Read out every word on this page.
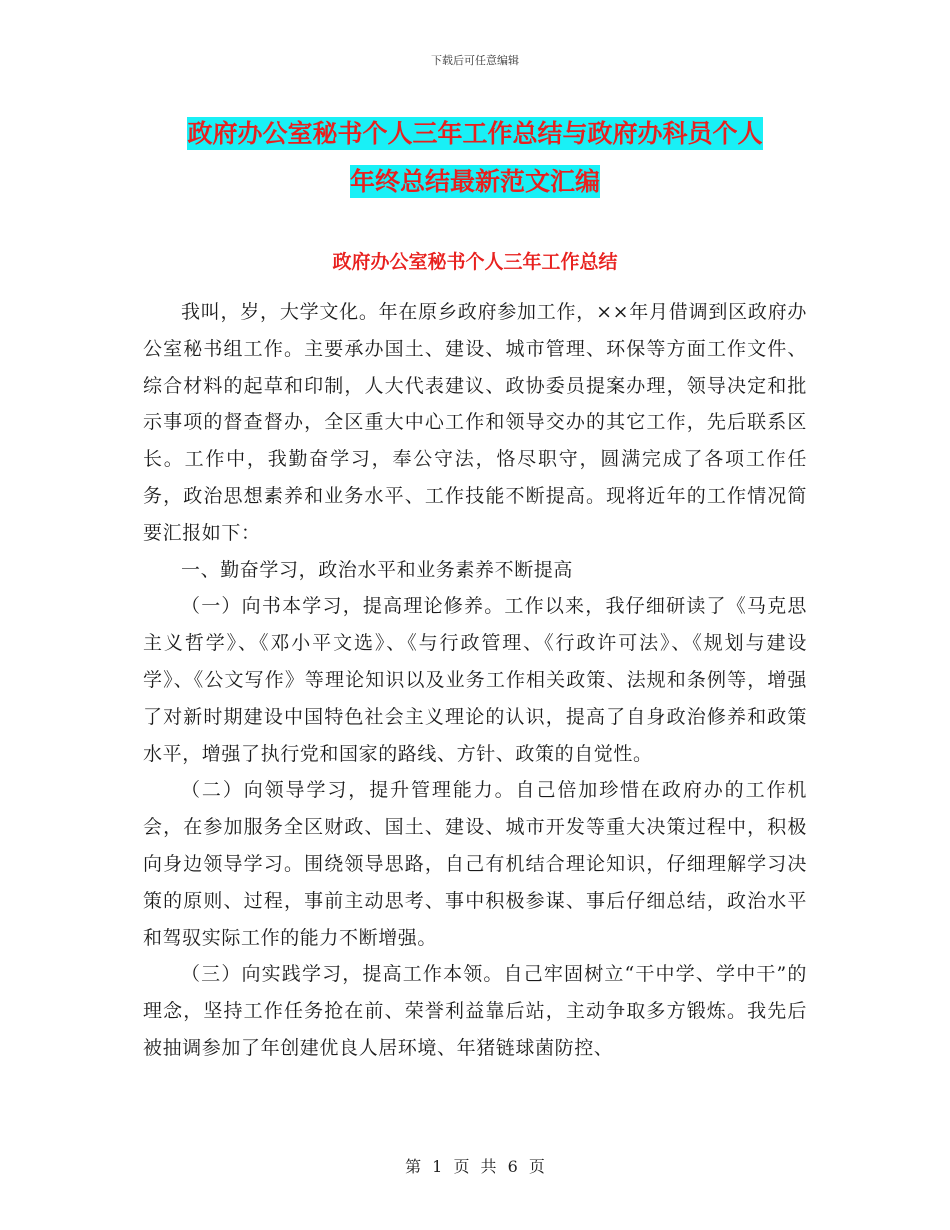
下载后可任意编辑
政府办公室秘书个人三年工作总结与政府办科员个人
年终总结最新范文汇编
政府办公室秘书个人三年工作总结

我叫，岁，大学文化。年在原乡政府参加工作，××年月借调到区政府办公室秘书组工作。主要承办国土、建设、城市管理、环保等方面工作文件、综合材料的起草和印制，人大代表建议、政协委员提案办理，领导决定和批示事项的督查督办，全区重大中心工作和领导交办的其它工作，先后联系区长。工作中，我勤奋学习，奉公守法，恪尽职守，圆满完成了各项工作任务，政治思想素养和业务水平、工作技能不断提高。现将近年的工作情况简要汇报如下：

一、勤奋学习，政治水平和业务素养不断提高

（一）向书本学习，提高理论修养。工作以来，我仔细研读了《马克思主义哲学》、《邓小平文选》、《与行政管理、《行政许可法》、《规划与建设学》、《公文写作》等理论知识以及业务工作相关政策、法规和条例等，增强了对新时期建设中国特色社会主义理论的认识，提高了自身政治修养和政策水平，增强了执行党和国家的路线、方针、政策的自觉性。

（二）向领导学习，提升管理能力。自己倍加珍惜在政府办的工作机会，在参加服务全区财政、国土、建设、城市开发等重大决策过程中，积极向身边领导学习。围绕领导思路，自己有机结合理论知识，仔细理解学习决策的原则、过程，事前主动思考、事中积极参谋、事后仔细总结，政治水平和驾驭实际工作的能力不断增强。

（三）向实践学习，提高工作本领。自己牢固树立“干中学、学中干”的理念，坚持工作任务抢在前、荣誉利益靠后站，主动争取多方锻炼。我先后被抽调参加了年创建优良人居环境、年猪链球菌防控、

第 1 页 共 6 页
